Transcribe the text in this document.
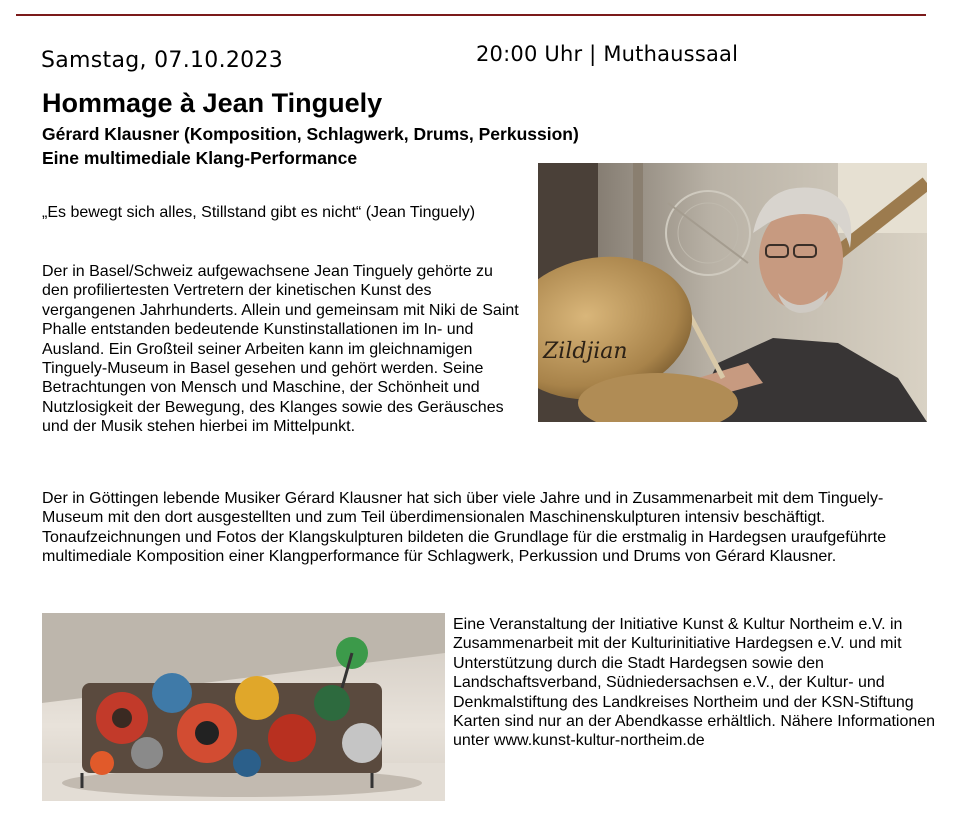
Samstag, 07.10.2023	20:00 Uhr | Muthaussaal
Hommage à Jean Tinguely
Gérard Klausner (Komposition, Schlagwerk, Drums, Perkussion)
Eine multimediale Klang-Performance

„Es bewegt sich alles, Stillstand gibt es nicht“ (Jean Tinguely)

Der in Basel/Schweiz aufgewachsene Jean Tinguely gehörte zu den profiliertesten Vertretern der kinetischen Kunst des vergangenen Jahrhunderts. Allein und gemeinsam mit Niki de Saint Phalle entstanden bedeutende Kunstinstallationen im In- und Ausland. Ein Großteil seiner Arbeiten kann im gleichnamigen Tinguely-Museum in Basel gesehen und gehört werden. Seine Betrachtungen von Mensch und Maschine, der Schönheit und Nutzlosigkeit der Bewegung, des Klanges sowie des Geräusches und der Musik stehen hierbei im Mittelpunkt.

Der in Göttingen lebende Musiker Gérard Klausner hat sich über viele Jahre und in Zusammenarbeit mit dem Tinguely-Museum mit den dort ausgestellten und zum Teil überdimensionalen Maschinenskulpturen intensiv beschäftigt. Tonaufzeichnungen und Fotos der Klangskulpturen bildeten die Grundlage für die erstmalig in Hardegsen uraufgeführte multimediale Komposition einer Klangperformance für Schlagwerk, Perkussion und Drums von Gérard Klausner.

Eine Veranstaltung der Initiative Kunst & Kultur Northeim e.V. in Zusammenarbeit mit der Kulturinitiative Hardegsen e.V. und mit Unterstützung durch die Stadt Hardegsen sowie den Landschaftsverband, Südniedersachsen e.V., der Kultur- und Denkmalstiftung des Landkreises Northeim und der KSN-Stiftung
Karten sind nur an der Abendkasse erhältlich. Nähere Informationen unter www.kunst-kultur-northeim.de
Zildjian
